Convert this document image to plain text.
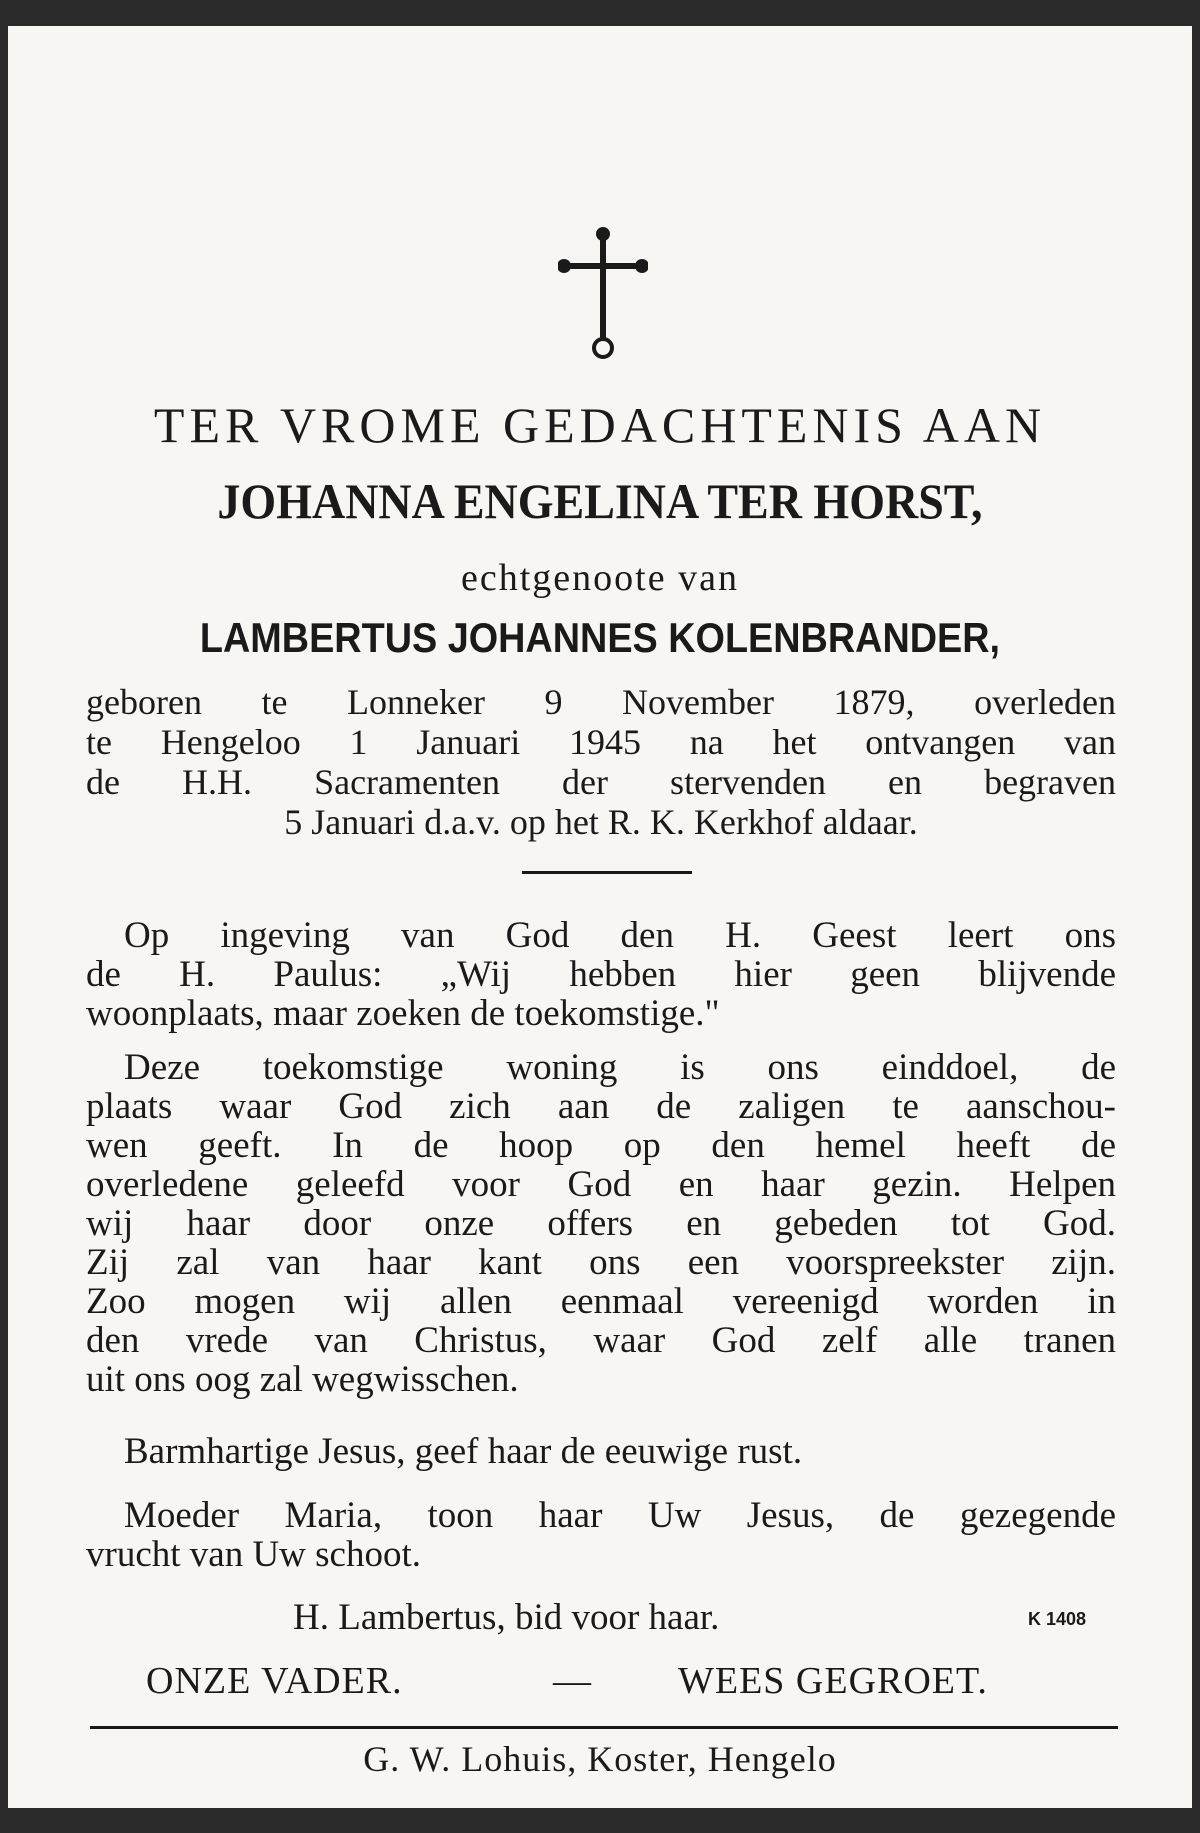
TER VROME GEDACHTENIS AAN
JOHANNA ENGELINA TER HORST,
echtgenoote van
LAMBERTUS JOHANNES KOLENBRANDER,
geboren te Lonneker 9 November 1879, overleden
te Hengeloo 1 Januari 1945 na het ontvangen van
de H.H. Sacramenten der stervenden en begraven
5 Januari d.a.v. op het R. K. Kerkhof aldaar.
Op ingeving van God den H. Geest leert ons
de H. Paulus: „Wij hebben hier geen blijvende
woonplaats, maar zoeken de toekomstige."
Deze toekomstige woning is ons einddoel, de
plaats waar God zich aan de zaligen te aanschou-
wen geeft. In de hoop op den hemel heeft de
overledene geleefd voor God en haar gezin. Helpen
wij haar door onze offers en gebeden tot God.
Zij zal van haar kant ons een voorspreekster zijn.
Zoo mogen wij allen eenmaal vereenigd worden in
den vrede van Christus, waar God zelf alle tranen
uit ons oog zal wegwisschen.
Barmhartige Jesus, geef haar de eeuwige rust.
Moeder Maria, toon haar Uw Jesus, de gezegende
vrucht van Uw schoot.
H. Lambertus, bid voor haar.	K 1408
ONZE VADER.	— WEES GEGROET.
G. W. Lohuis, Koster, Hengelo
